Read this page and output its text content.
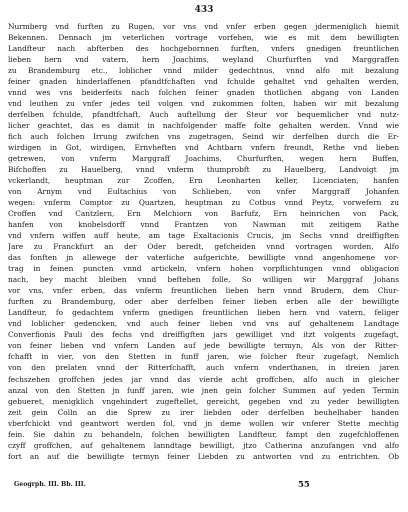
433
Nurmberg vnd furften zu Rugen, vor vns vnd vnfer erben gegen jdermeniglich hiemit
Bekennen. Dennach jm veterlichen vortrage vorfehen, wie es mit dem bewilligten
Landfteur nach abfterben des hochgebornnen furften, vnfers gnedigen freuntlichen
lieben hern vnd vatern, hern Joachims, weyland Churfurften vnd Marggraffen
zu Brandemburg etc., loblicher vnnd milder gedechtnus, vnnd alfo mit bezalung
feiner gnaden hinderlaffenen pfandtfchaften vnd fchulde gehaltet vnd gehalten werden,
vnnd wes vns beiderfeits nach folchen feiner gnaden thotlichen abgang von Landen
vnd leuthen zu vnfer jedes teil volgen vnd zukommen folten, haben wir mit bezalung
derfelben fchulde, pfandtfchaft, Auch auftellung der Steur vor bequemlicher vnd nutz-
licher geachtet, das es damit in nachfolgender maffe folte gehalten werden. Vnnd wie
fich auch folchen Irrung zwifchen vns zugetragen, Seind wir derfelben durch die Er-
wirdigen in Got, wirdigen, Ernvheften vnd Achtbarn vnfern freundt, Rethe vnd lieben
getrewen, von vnferm Marggraff Joachims, Churfurften, wegen hern Buffen,
Bifchoffen zu Hauelberg, vnnd vnferm thumprobft zu Hauelberg, Landvoigt jm
vckerlandt, heuptman zur Zcoffen, Ern Leonharten keller, Licenciaten, hanfen
von Arnym vnd Eultachius von Schlieben, von vnfer Marggraff Johanfen
wegen: vnferm Comptor zu Quartzen, heuptman zu Cotbus vnnd Peytz, vorwefern zu
Croffen vnd Cantzlern, Ern Melchiorn von Barfufz, Ern heinrichen von Pack,
hanfen von knobelsdorff vnnd Frantzen von Nawman mit zeitigem Rathe
vnd vnfern wiffen auff heute, am tage Exaltacionis Crucis, jm Sechs vnnd dreiffigften
Jare zu Franckfurt an der Oder beredt, gefcheiden vnnd vortragen worden, Alfo
das fonften jn allewege der vaterliche aufgerichte, bewilligte vnnd angenhomene vor-
trag in feinen puncten vnnd artickeln, vnfern hohen vorpflichtungen vnnd obligacion
nach, bey macht bleiben vnnd beftehen folle, So willigen wir Marggraf Johans
vor vns, vnfer erben, das vnferm freuntlichen lieben hern vnnd Brudern, dem Chur-
furften zu Brandemburg, oder aber derfelben feiner lieben erben alle der bewilligte
Landfteur, fo gedachtem vnferm gnedigen freuntlichen lieben hern vnd vatern, feliger
vnd loblicher gedencken, vnd auch feiner lieben vnd vns auf gehaltenem Landtage
Converfionis Pauli des fechs vnd dreiffigften jars gewilliget vnd itzt volgents zugefagt,
von feiner lieben vnd vnfern Landen auf jede bewilligte termyn, Als von der Ritter-
fchafft in vier, von den Stetten in funff jaren, wie folcher fteur zugefagt, Nemlich
von den prelaten vnnd der Ritterfchafft, auch vnfern vnderthanen, in dreien jaren
fechszehen groffchen jedes jar vnnd das vierde acht groffchen, alfo auch in gleicher
anzal von den Stetten jn funff jaren, wie jnen gein folcher Summen auf yeden Termin
gebueret, menigklich vngehindert zugeftellet, gereicht, gegeben vnd zu yeder bewilligten
zeit gein Colln an die Sprew zu irer liebden oder derfelben beuhelhaber handen
vberfchickt vnd geantwort werden fol, vnd jn deme wollen wir vnferer Stette mechtig
fein. Sie dahin zu behandeln, folchen bewilligten Landfteur, fampt den zugefchloffenen
czyff groffchen, auf gehaltenem lanndtage bewilligt, jtzo Catherina anzufangen vnd alfo
fort an auf die bewilligte termyn feiner Liebden zu antworten vnd zu entrichten. Ob
Geogrph. III. Bb. III.	55
